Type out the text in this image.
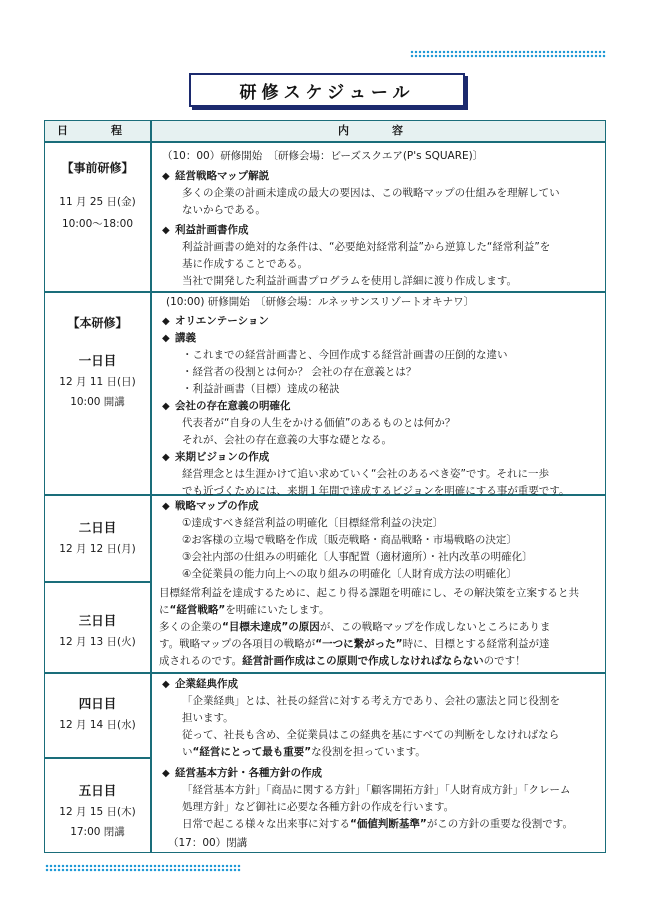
研修スケジュール
日　程	内　容
【事前研修】
11 月 25 日(金)
10:00～18:00
（10：00）研修開始　〔研修会場：ビーズスクエア(P's SQUARE)〕
◆ 経営戦略マップ解説
多くの企業の計画未達成の最大の要因は、この戦略マップの仕組みを理解してい
ないからである。
◆ 利益計画書作成
利益計画書の絶対的な条件は、“必要絶対経常利益”から逆算した“経常利益”を
基に作成することである。
当社で開発した利益計画書プログラムを使用し詳細に渡り作成します。
【本研修】
一日目
12 月 11 日(日)
10:00 開講
(10:00) 研修開始　〔研修会場：ルネッサンスリゾートオキナワ〕
◆ オリエンテーション
◆ 講義
・これまでの経営計画書と、今回作成する経営計画書の圧倒的な違い
・経営者の役割とは何か？ 会社の存在意義とは？
・利益計画書（目標）達成の秘訣
◆ 会社の存在意義の明確化
代表者が“自身の人生をかける価値”のあるものとは何か？
それが、会社の存在意義の大事な礎となる。
◆ 来期ビジョンの作成
経営理念とは生涯かけて追い求めていく“会社のあるべき姿”です。それに一歩
でも近づくためには、来期１年間で達成するビジョンを明確にする事が重要です。
二日目
12 月 12 日(月)
◆ 戦略マップの作成
①達成すべき経営利益の明確化〔目標経常利益の決定〕
②お客様の立場で戦略を作成〔販売戦略・商品戦略・市場戦略の決定〕
③会社内部の仕組みの明確化〔人事配置（適材適所）・社内改革の明確化〕
④全従業員の能力向上への取り組みの明確化〔人財育成方法の明確化〕
三日目
12 月 13 日(火)
目標経常利益を達成するために、起こり得る課題を明確にし、その解決策を立案すると共に“経営戦略”を明確にいたします。
多くの企業の“目標未達成”の原因が、この戦略マップを作成しないところにありま
す。戦略マップの各項目の戦略が“一つに繋がった”時に、目標とする経常利益が達
成されるのです。経営計画作成はこの原則で作成しなければならないのです！
四日目
12 月 14 日(水)
◆ 企業経典作成
「企業経典」とは、社長の経営に対する考え方であり、会社の憲法と同じ役割を
担います。
従って、社長も含め、全従業員はこの経典を基にすべての判断をしなければなら
い“経営にとって最も重要”な役割を担っています。
五日目
12 月 15 日(木)
17:00 閉講
◆ 経営基本方針・各種方針の作成
「経営基本方針」「商品に関する方針」「顧客開拓方針」「人財育成方針」「クレーム
処理方針」など御社に必要な各種方針の作成を行います。
日常で起こる様々な出来事に対する“価値判断基準”がこの方針の重要な役割です。
（17：00）閉講
